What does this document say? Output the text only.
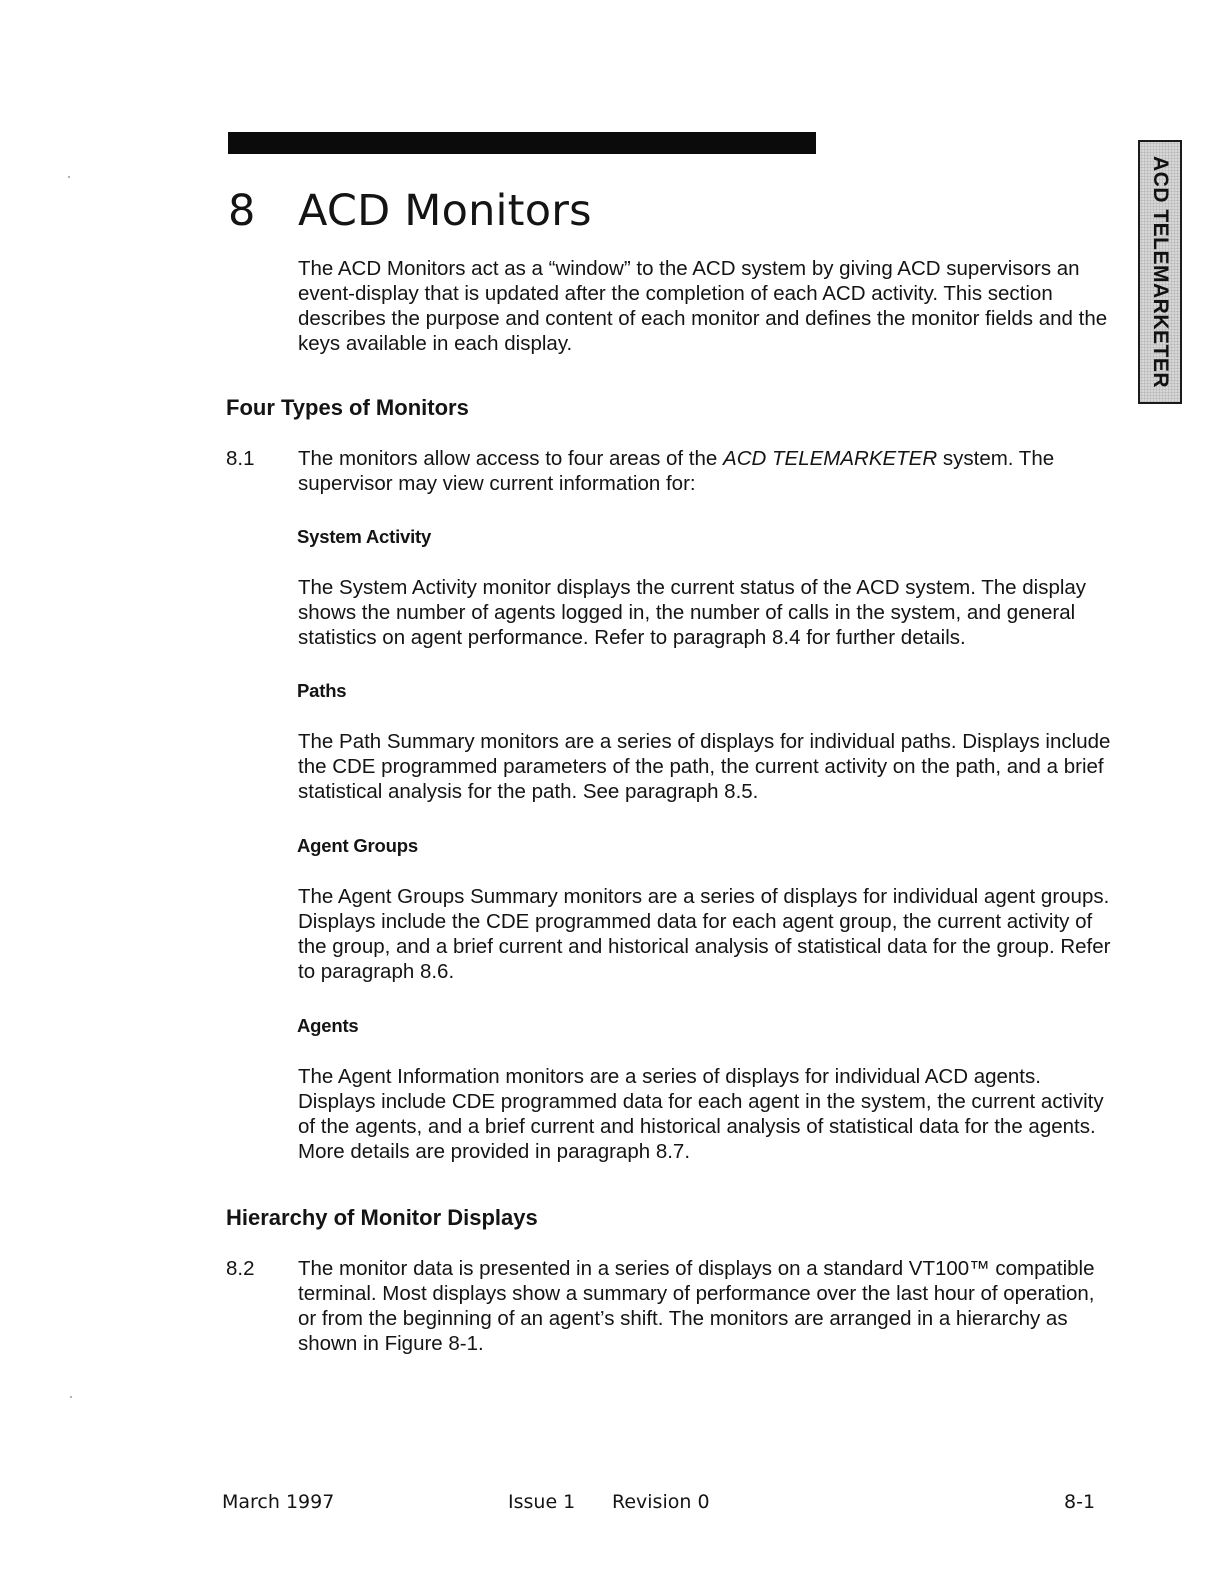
8 ACD Monitors	ACD TELEMARKETER

The ACD Monitors act as a “window” to the ACD system by giving ACD supervisors an event-display that is updated after the completion of each ACD activity. This section describes the purpose and content of each monitor and defines the monitor fields and the keys available in each display.

Four Types of Monitors
8.1 The monitors allow access to four areas of the ACD TELEMARKETER system. The supervisor may view current information for:

System Activity

The System Activity monitor displays the current status of the ACD system. The display shows the number of agents logged in, the number of calls in the system, and general statistics on agent performance. Refer to paragraph 8.4 for further details.

Paths

The Path Summary monitors are a series of displays for individual paths. Displays include the CDE programmed parameters of the path, the current activity on the path, and a brief statistical analysis for the path. See paragraph 8.5.

Agent Groups

The Agent Groups Summary monitors are a series of displays for individual agent groups. Displays include the CDE programmed data for each agent group, the current activity of the group, and a brief current and historical analysis of statistical data for the group. Refer to paragraph 8.6.

Agents

The Agent Information monitors are a series of displays for individual ACD agents. Displays include CDE programmed data for each agent in the system, the current activity of the agents, and a brief current and historical analysis of statistical data for the agents. More details are provided in paragraph 8.7.

Hierarchy of Monitor Displays
8.2 The monitor data is presented in a series of displays on a standard VT100™ compatible terminal. Most displays show a summary of performance over the last hour of operation, or from the beginning of an agent’s shift. The monitors are arranged in a hierarchy as shown in Figure 8-1.

March 1997	Issue 1 Revision 0	8-1
